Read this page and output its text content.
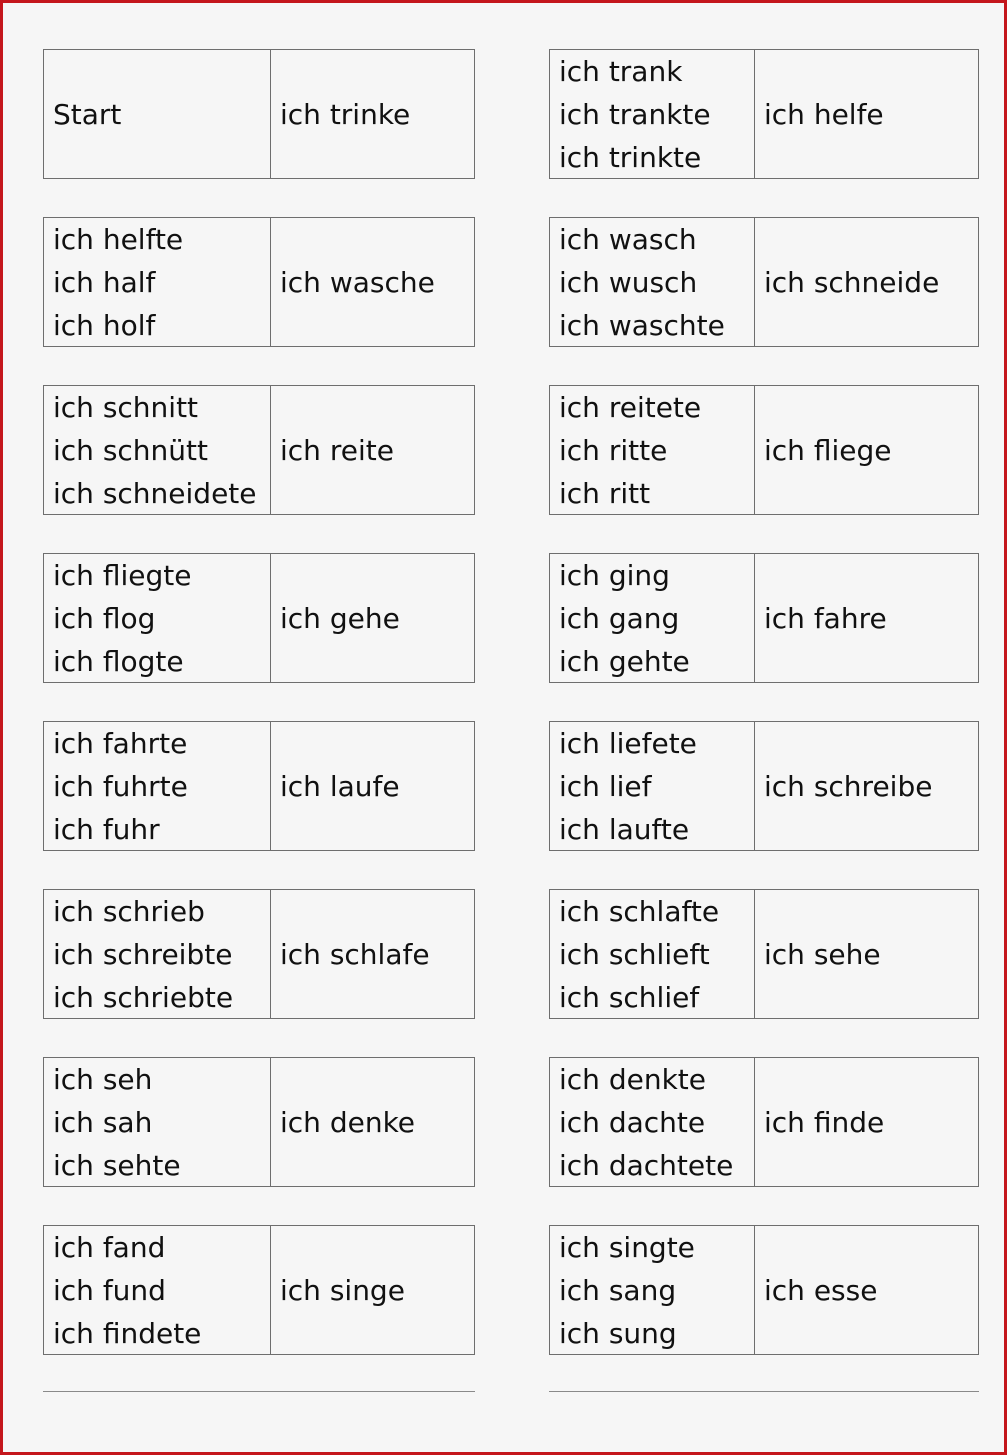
Start	ich trinke
ich helfte
ich half
ich holf
ich wasche
ich schnitt
ich schnütt
ich schneidete
ich reite
ich fliegte
ich flog
ich flogte
ich gehe
ich fahrte
ich fuhrte
ich fuhr
ich laufe
ich schrieb
ich schreibte
ich schriebte
ich schlafe
ich seh
ich sah
ich sehte
ich denke
ich fand
ich fund
ich findete
ich singe
ich trank
ich trankte
ich trinkte
ich helfe
ich wasch
ich wusch
ich waschte
ich schneide
ich reitete
ich ritte
ich ritt
ich fliege
ich ging
ich gang
ich gehte
ich fahre
ich liefete
ich lief
ich laufte
ich schreibe
ich schlafte
ich schlieft
ich schlief
ich sehe
ich denkte
ich dachte
ich dachtete
ich finde
ich singte
ich sang
ich sung
ich esse
